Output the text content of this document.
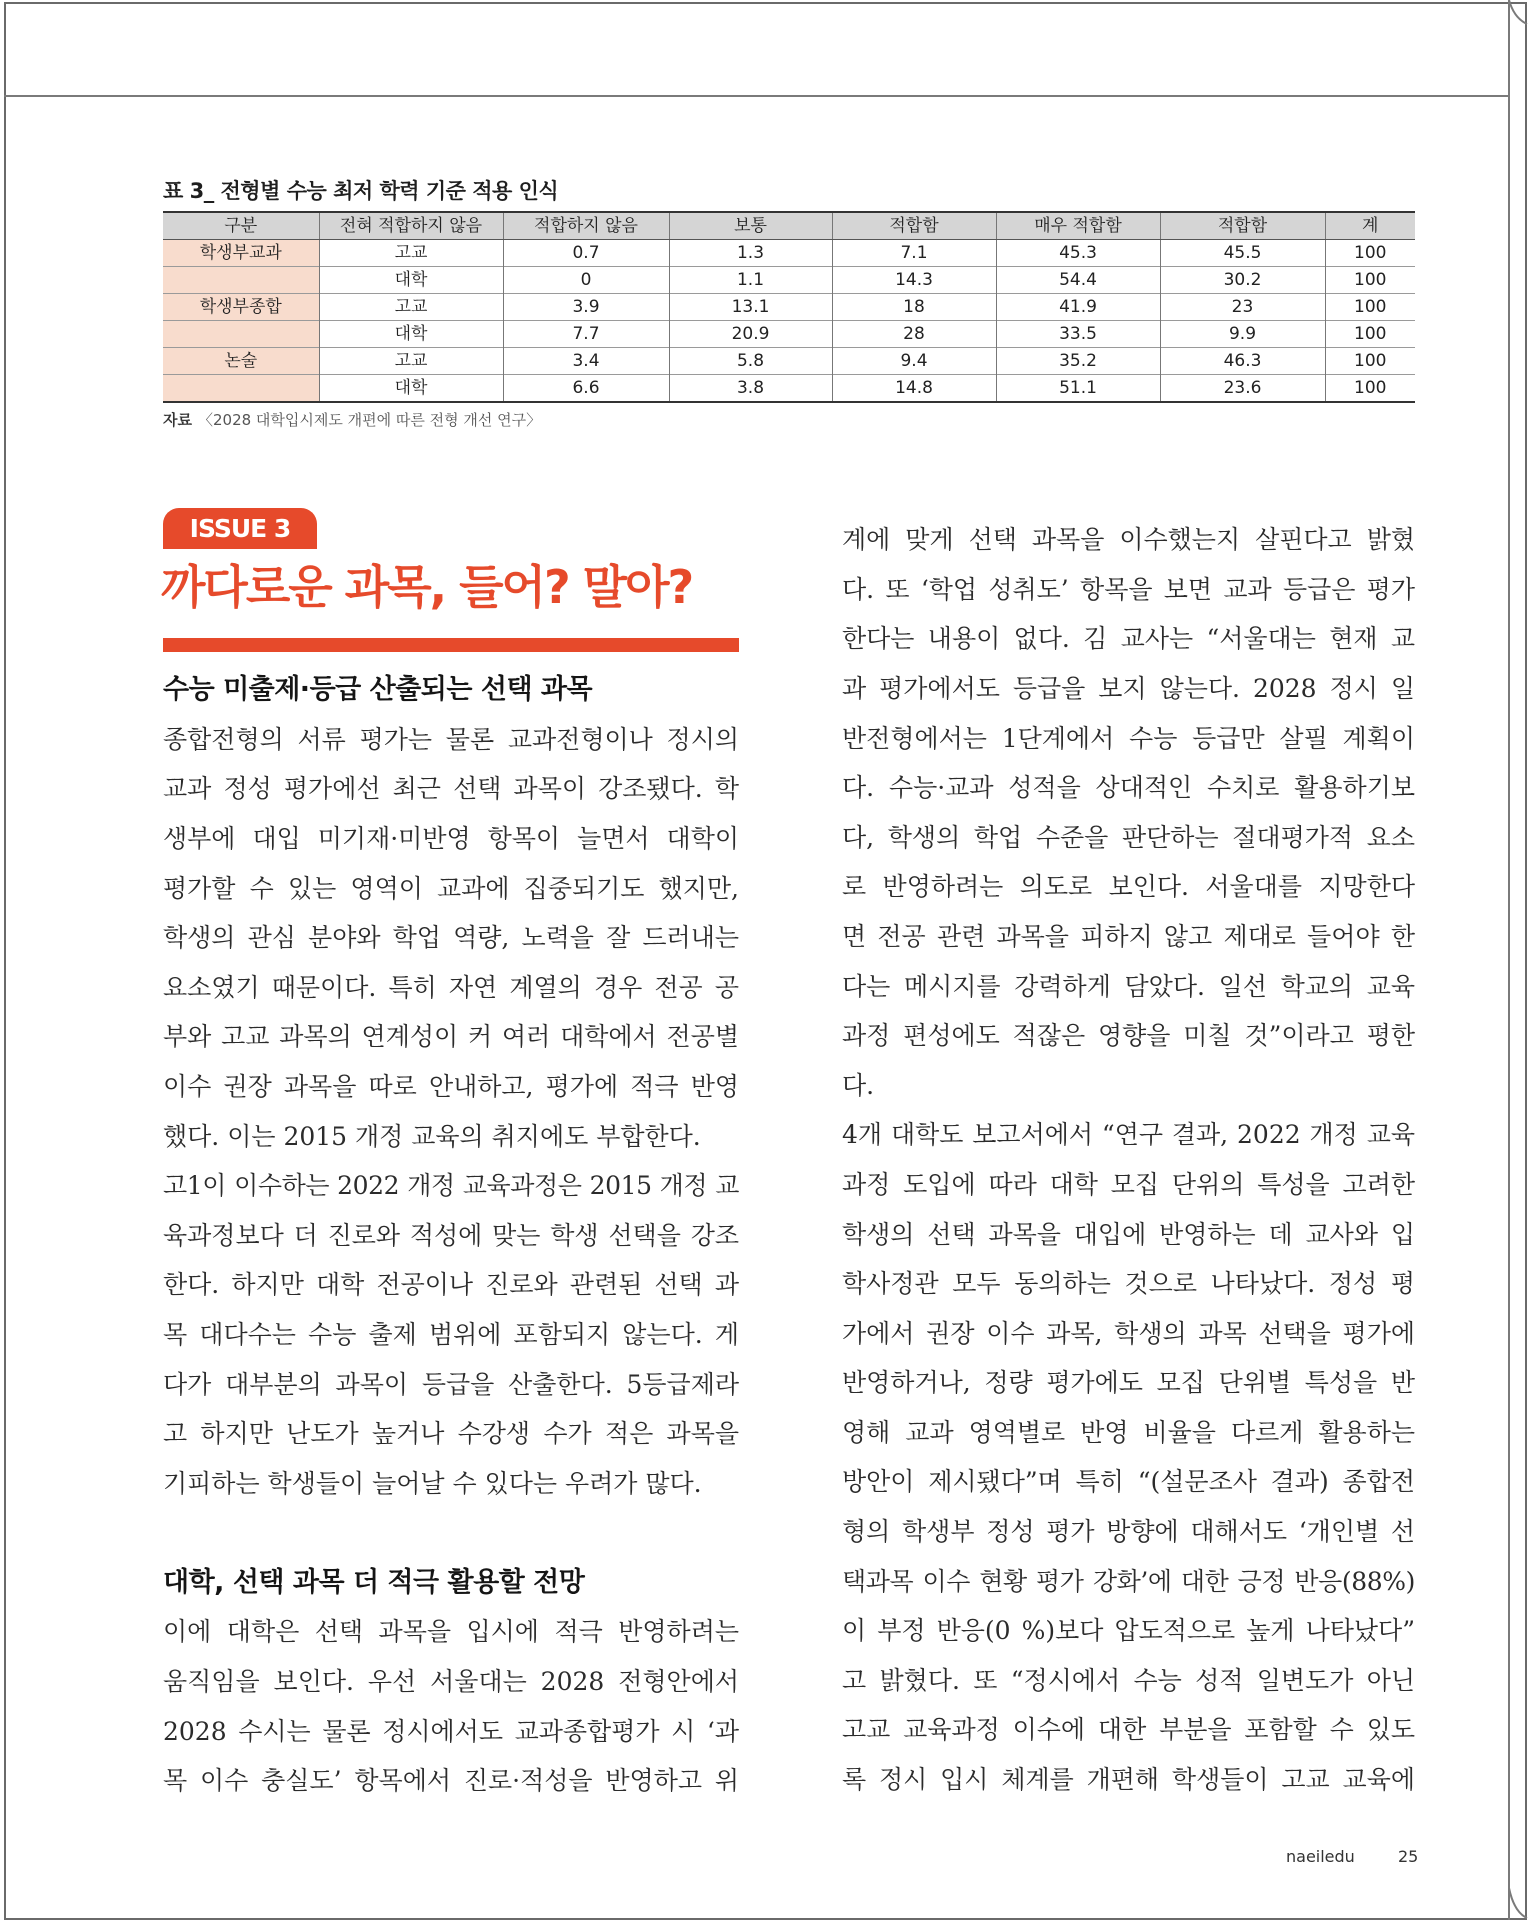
표 3_ 전형별 수능 최저 학력 기준 적용 인식
구분	전혀 적합하지 않음	적합하지 않음	보통	적합함	매우 적합함	적합함	계
학생부교과	고교	0.7	1.3	7.1	45.3	45.5	100
	대학	0	1.1	14.3	54.4	30.2	100
학생부종합	고교	3.9	13.1	18	41.9	23	100
	대학	7.7	20.9	28	33.5	9.9	100
논술	고교	3.4	5.8	9.4	35.2	46.3	100
	대학	6.6	3.8	14.8	51.1	23.6	100
자료 〈2028 대학입시제도 개편에 따른 전형 개선 연구〉
ISSUE 3
까다로운 과목, 들어? 말아?
수능 미출제·등급 산출되는 선택 과목
종합전형의 서류 평가는 물론 교과전형이나 정시의
교과 정성 평가에선 최근 선택 과목이 강조됐다. 학
생부에 대입 미기재·미반영 항목이 늘면서 대학이
평가할 수 있는 영역이 교과에 집중되기도 했지만,
학생의 관심 분야와 학업 역량, 노력을 잘 드러내는
요소였기 때문이다. 특히 자연 계열의 경우 전공 공
부와 고교 과목의 연계성이 커 여러 대학에서 전공별
이수 권장 과목을 따로 안내하고, 평가에 적극 반영
했다. 이는 2015 개정 교육의 취지에도 부합한다.
고1이 이수하는 2022 개정 교육과정은 2015 개정 교
육과정보다 더 진로와 적성에 맞는 학생 선택을 강조
한다. 하지만 대학 전공이나 진로와 관련된 선택 과
목 대다수는 수능 출제 범위에 포함되지 않는다. 게
다가 대부분의 과목이 등급을 산출한다. 5등급제라
고 하지만 난도가 높거나 수강생 수가 적은 과목을
기피하는 학생들이 늘어날 수 있다는 우려가 많다.
대학, 선택 과목 더 적극 활용할 전망
이에 대학은 선택 과목을 입시에 적극 반영하려는
움직임을 보인다. 우선 서울대는 2028 전형안에서
2028 수시는 물론 정시에서도 교과종합평가 시 ‘과
목 이수 충실도’ 항목에서 진로·적성을 반영하고 위
계에 맞게 선택 과목을 이수했는지 살핀다고 밝혔
다. 또 ‘학업 성취도’ 항목을 보면 교과 등급은 평가
한다는 내용이 없다. 김 교사는 “서울대는 현재 교
과 평가에서도 등급을 보지 않는다. 2028 정시 일
반전형에서는 1단계에서 수능 등급만 살필 계획이
다. 수능·교과 성적을 상대적인 수치로 활용하기보
다, 학생의 학업 수준을 판단하는 절대평가적 요소
로 반영하려는 의도로 보인다. 서울대를 지망한다
면 전공 관련 과목을 피하지 않고 제대로 들어야 한
다는 메시지를 강력하게 담았다. 일선 학교의 교육
과정 편성에도 적잖은 영향을 미칠 것”이라고 평한
다.
4개 대학도 보고서에서 “연구 결과, 2022 개정 교육
과정 도입에 따라 대학 모집 단위의 특성을 고려한
학생의 선택 과목을 대입에 반영하는 데 교사와 입
학사정관 모두 동의하는 것으로 나타났다. 정성 평
가에서 권장 이수 과목, 학생의 과목 선택을 평가에
반영하거나, 정량 평가에도 모집 단위별 특성을 반
영해 교과 영역별로 반영 비율을 다르게 활용하는
방안이 제시됐다”며 특히 “(설문조사 결과) 종합전
형의 학생부 정성 평가 방향에 대해서도 ‘개인별 선
택과목 이수 현황 평가 강화’에 대한 긍정 반응(88%)
이 부정 반응(0 %)보다 압도적으로 높게 나타났다”
고 밝혔다. 또 “정시에서 수능 성적 일변도가 아닌
고교 교육과정 이수에 대한 부분을 포함할 수 있도
록 정시 입시 체계를 개편해 학생들이 고교 교육에
naeiledu	25
